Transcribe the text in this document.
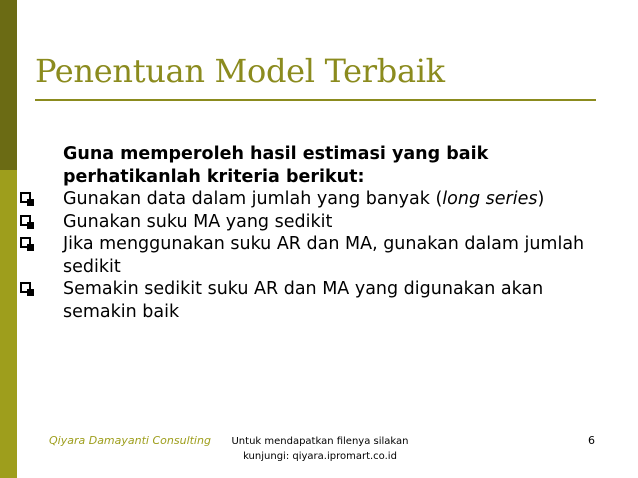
Penentuan Model Terbaik
Guna memperoleh hasil estimasi yang baik perhatikanlah kriteria berikut:
Gunakan data dalam jumlah yang banyak (long series)
Gunakan suku MA yang sedikit
Jika menggunakan suku AR dan MA, gunakan dalam jumlah sedikit
Semakin sedikit suku AR dan MA yang digunakan akan semakin baik
Qiyara Damayanti Consulting Untuk mendapatkan filenya silakan
kunjungi: qiyara.ipromart.co.id
6
